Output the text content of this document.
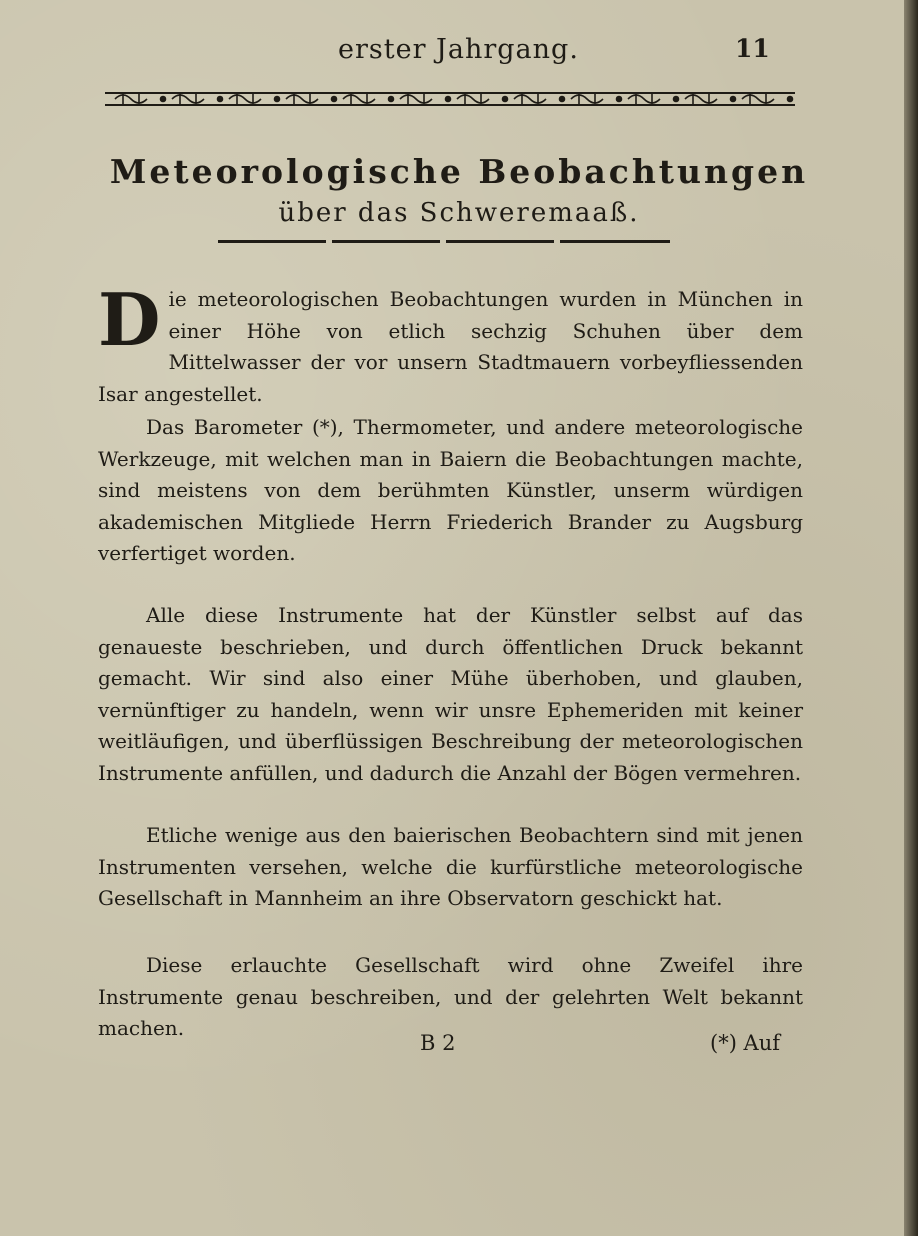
erster Jahrgang.	11
Meteorologische Beobachtungen
über das Schweremaaß.
D ie meteorologischen Beobachtungen wurden in München in einer Höhe von etlich sechzig Schuhen über dem Mittelwasser der vor unsern Stadtmauern vorbeyfliessenden Isar angestellet.
Das Barometer (*), Thermometer, und andere meteorologische Werkzeuge, mit welchen man in Baiern die Beobachtungen machte, sind meistens von dem berühmten Künstler, unserm würdigen akademischen Mitgliede Herrn Friederich Brander zu Augsburg verfertiget worden.
Alle diese Instrumente hat der Künstler selbst auf das genaueste beschrieben, und durch öffentlichen Druck bekannt gemacht. Wir sind also einer Mühe überhoben, und glauben, vernünftiger zu handeln, wenn wir unsre Ephemeriden mit keiner weitläufigen, und überflüssigen Beschreibung der meteorologischen Instrumente anfüllen, und dadurch die Anzahl der Bögen vermehren.
Etliche wenige aus den baierischen Beobachtern sind mit jenen Instrumenten versehen, welche die kurfürstliche meteorologische Gesellschaft in Mannheim an ihre Observatorn geschickt hat.
Diese erlauchte Gesellschaft wird ohne Zweifel ihre Instrumente genau beschreiben, und der gelehrten Welt bekannt machen.
B 2	(*) Auf
